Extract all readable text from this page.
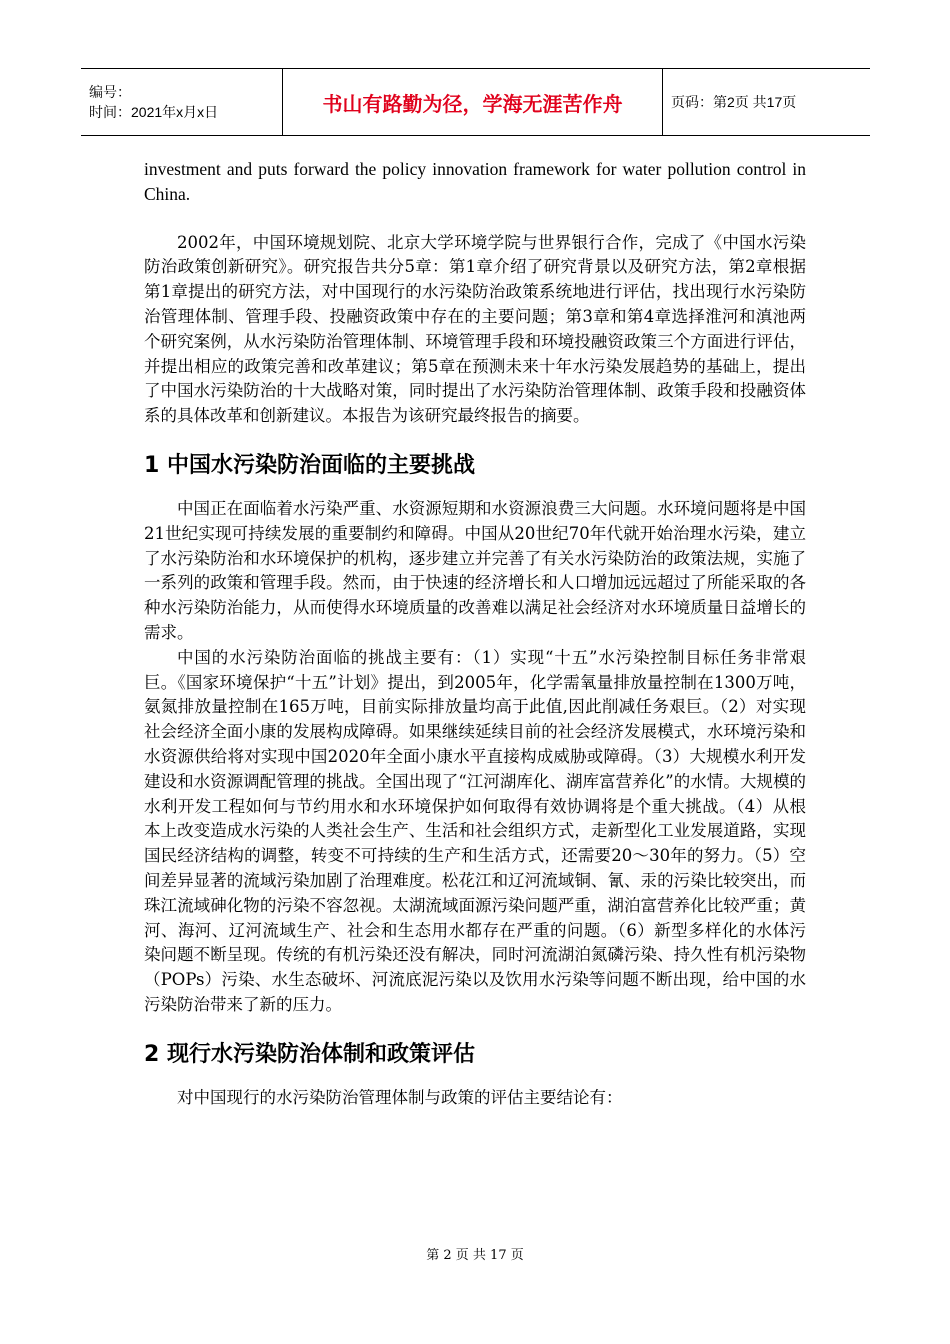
编号：
时间：2021年x月x日	书山有路勤为径，学海无涯苦作舟	页码：第2页 共17页

investment and puts forward the policy innovation framework for water pollution control in China.

2002年，中国环境规划院、北京大学环境学院与世界银行合作，完成了《中国水污染防治政策创新研究》。研究报告共分5章：第1章介绍了研究背景以及研究方法，第2章根据第1章提出的研究方法，对中国现行的水污染防治政策系统地进行评估，找出现行水污染防治管理体制、管理手段、投融资政策中存在的主要问题；第3章和第4章选择淮河和滇池两个研究案例，从水污染防治管理体制、环境管理手段和环境投融资政策三个方面进行评估，并提出相应的政策完善和改革建议；第5章在预测未来十年水污染发展趋势的基础上，提出了中国水污染防治的十大战略对策，同时提出了水污染防治管理体制、政策手段和投融资体系的具体改革和创新建议。本报告为该研究最终报告的摘要。

1 中国水污染防治面临的主要挑战

中国正在面临着水污染严重、水资源短期和水资源浪费三大问题。水环境问题将是中国21世纪实现可持续发展的重要制约和障碍。中国从20世纪70年代就开始治理水污染，建立了水污染防治和水环境保护的机构，逐步建立并完善了有关水污染防治的政策法规，实施了一系列的政策和管理手段。然而，由于快速的经济增长和人口增加远远超过了所能采取的各种水污染防治能力，从而使得水环境质量的改善难以满足社会经济对水环境质量日益增长的需求。

中国的水污染防治面临的挑战主要有：（1）实现“十五”水污染控制目标任务非常艰巨。《国家环境保护“十五”计划》提出，到2005年，化学需氧量排放量控制在1300万吨，氨氮排放量控制在165万吨，目前实际排放量均高于此值,因此削减任务艰巨。（2）对实现社会经济全面小康的发展构成障碍。如果继续延续目前的社会经济发展模式，水环境污染和水资源供给将对实现中国2020年全面小康水平直接构成威胁或障碍。（3）大规模水利开发建设和水资源调配管理的挑战。全国出现了“江河湖库化、湖库富营养化”的水情。大规模的水利开发工程如何与节约用水和水环境保护如何取得有效协调将是个重大挑战。（4）从根本上改变造成水污染的人类社会生产、生活和社会组织方式，走新型化工业发展道路，实现国民经济结构的调整，转变不可持续的生产和生活方式，还需要20～30年的努力。（5）空间差异显著的流域污染加剧了治理难度。松花江和辽河流域铜、氰、汞的污染比较突出，而珠江流域砷化物的污染不容忽视。太湖流域面源污染问题严重，湖泊富营养化比较严重；黄河、海河、辽河流域生产、社会和生态用水都存在严重的问题。（6）新型多样化的水体污染问题不断呈现。传统的有机污染还没有解决，同时河流湖泊氮磷污染、持久性有机污染物（POPs）污染、水生态破坏、河流底泥污染以及饮用水污染等问题不断出现，给中国的水污染防治带来了新的压力。

2 现行水污染防治体制和政策评估

对中国现行的水污染防治管理体制与政策的评估主要结论有：

第 2 页 共 17 页
